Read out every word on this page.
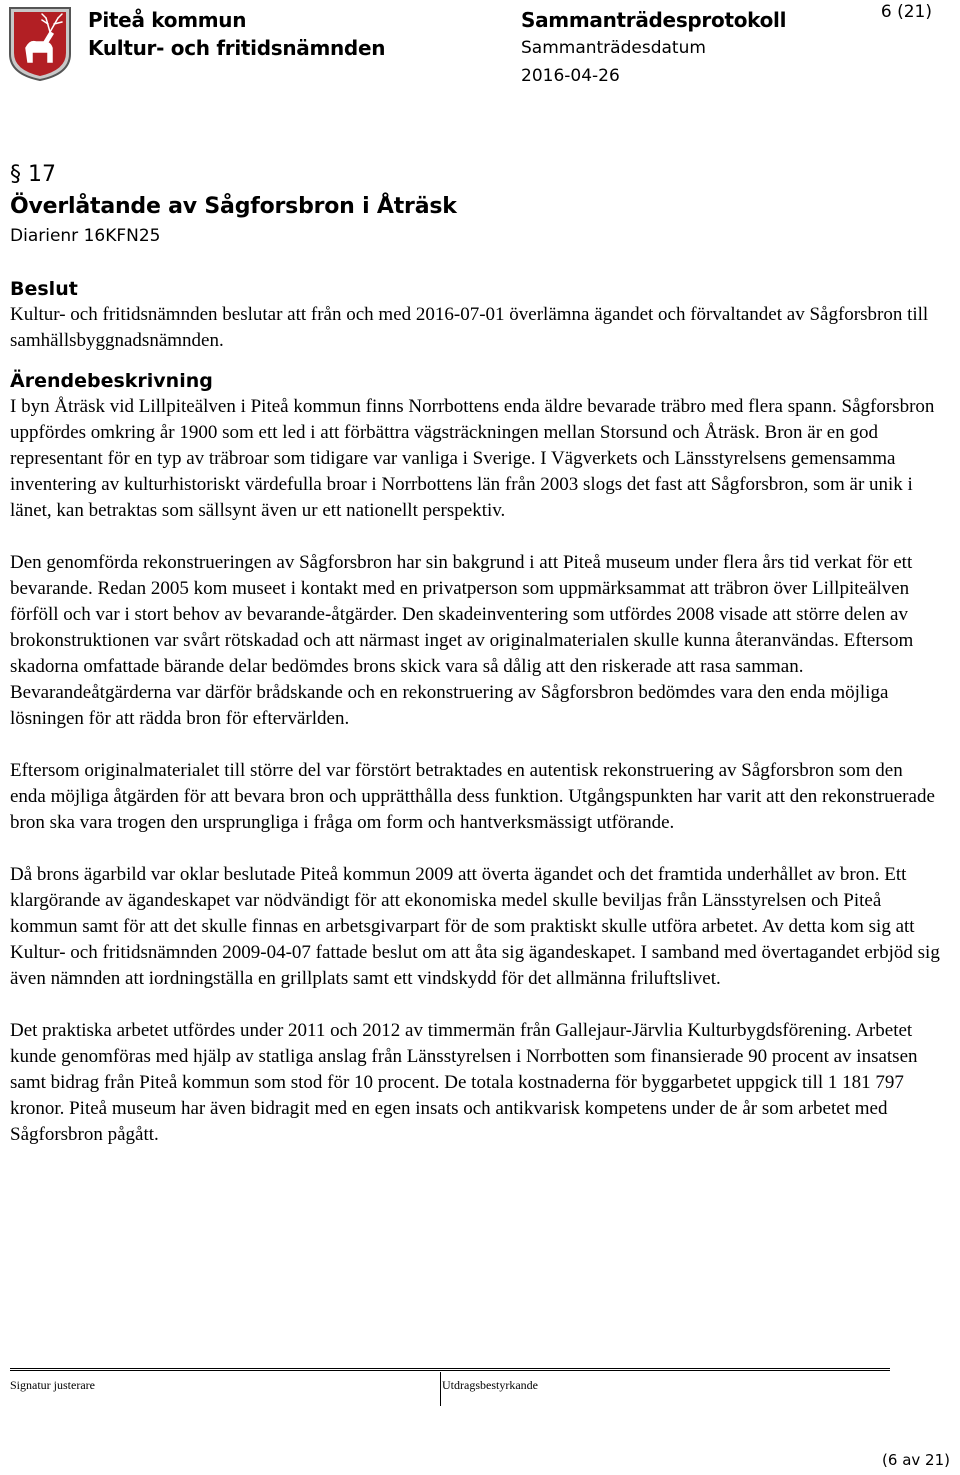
Piteå kommun
Kultur- och fritidsnämnden
Sammanträdesprotokoll
Sammanträdesdatum
2016-04-26
6 (21)
§ 17
Överlåtande av Sågforsbron i Åträsk
Diarienr 16KFN25
Beslut

Kultur- och fritidsnämnden beslutar att från och med 2016-07-01 överlämna ägandet och förvaltandet av Sågforsbron till samhällsbyggnadsnämnden.

Ärendebeskrivning

I byn Åträsk vid Lillpiteälven i Piteå kommun finns Norrbottens enda äldre bevarade träbro med flera spann. Sågforsbron uppfördes omkring år 1900 som ett led i att förbättra vägsträckningen mellan Storsund och Åträsk. Bron är en god representant för en typ av träbroar som tidigare var vanliga i Sverige. I Vägverkets och Länsstyrelsens gemensamma inventering av kulturhistoriskt värdefulla broar i Norrbottens län från 2003 slogs det fast att Sågforsbron, som är unik i länet, kan betraktas som sällsynt även ur ett nationellt perspektiv.

Den genomförda rekonstrueringen av Sågforsbron har sin bakgrund i att Piteå museum under flera års tid verkat för ett bevarande. Redan 2005 kom museet i kontakt med en privatperson som uppmärksammat att träbron över Lillpiteälven förföll och var i stort behov av bevarande-åtgärder. Den skadeinventering som utfördes 2008 visade att större delen av brokonstruktionen var svårt rötskadad och att närmast inget av originalmaterialen skulle kunna återanvändas. Eftersom skadorna omfattade bärande delar bedömdes brons skick vara så dålig att den riskerade att rasa samman. Bevarandeåtgärderna var därför brådskande och en rekonstruering av Sågforsbron bedömdes vara den enda möjliga lösningen för att rädda bron för eftervärlden.

Eftersom originalmaterialet till större del var förstört betraktades en autentisk rekonstruering av Sågforsbron som den enda möjliga åtgärden för att bevara bron och upprätthålla dess funktion. Utgångspunkten har varit att den rekonstruerade bron ska vara trogen den ursprungliga i fråga om form och hantverksmässigt utförande.

Då brons ägarbild var oklar beslutade Piteå kommun 2009 att överta ägandet och det framtida underhållet av bron. Ett klargörande av ägandeskapet var nödvändigt för att ekonomiska medel skulle beviljas från Länsstyrelsen och Piteå kommun samt för att det skulle finnas en arbetsgivarpart för de som praktiskt skulle utföra arbetet. Av detta kom sig att Kultur- och fritidsnämnden 2009-04-07 fattade beslut om att åta sig ägandeskapet. I samband med övertagandet erbjöd sig även nämnden att iordningställa en grillplats samt ett vindskydd för det allmänna friluftslivet.

Det praktiska arbetet utfördes under 2011 och 2012 av timmermän från Gallejaur-Järvlia Kulturbygdsförening. Arbetet kunde genomföras med hjälp av statliga anslag från Länsstyrelsen i Norrbotten som finansierade 90 procent av insatsen samt bidrag från Piteå kommun som stod för 10 procent. De totala kostnaderna för byggarbetet uppgick till 1 181 797 kronor. Piteå museum har även bidragit med en egen insats och antikvarisk kompetens under de år som arbetet med Sågforsbron pågått.

Signatur justerare	Utdragsbestyrkande
(6 av 21)
